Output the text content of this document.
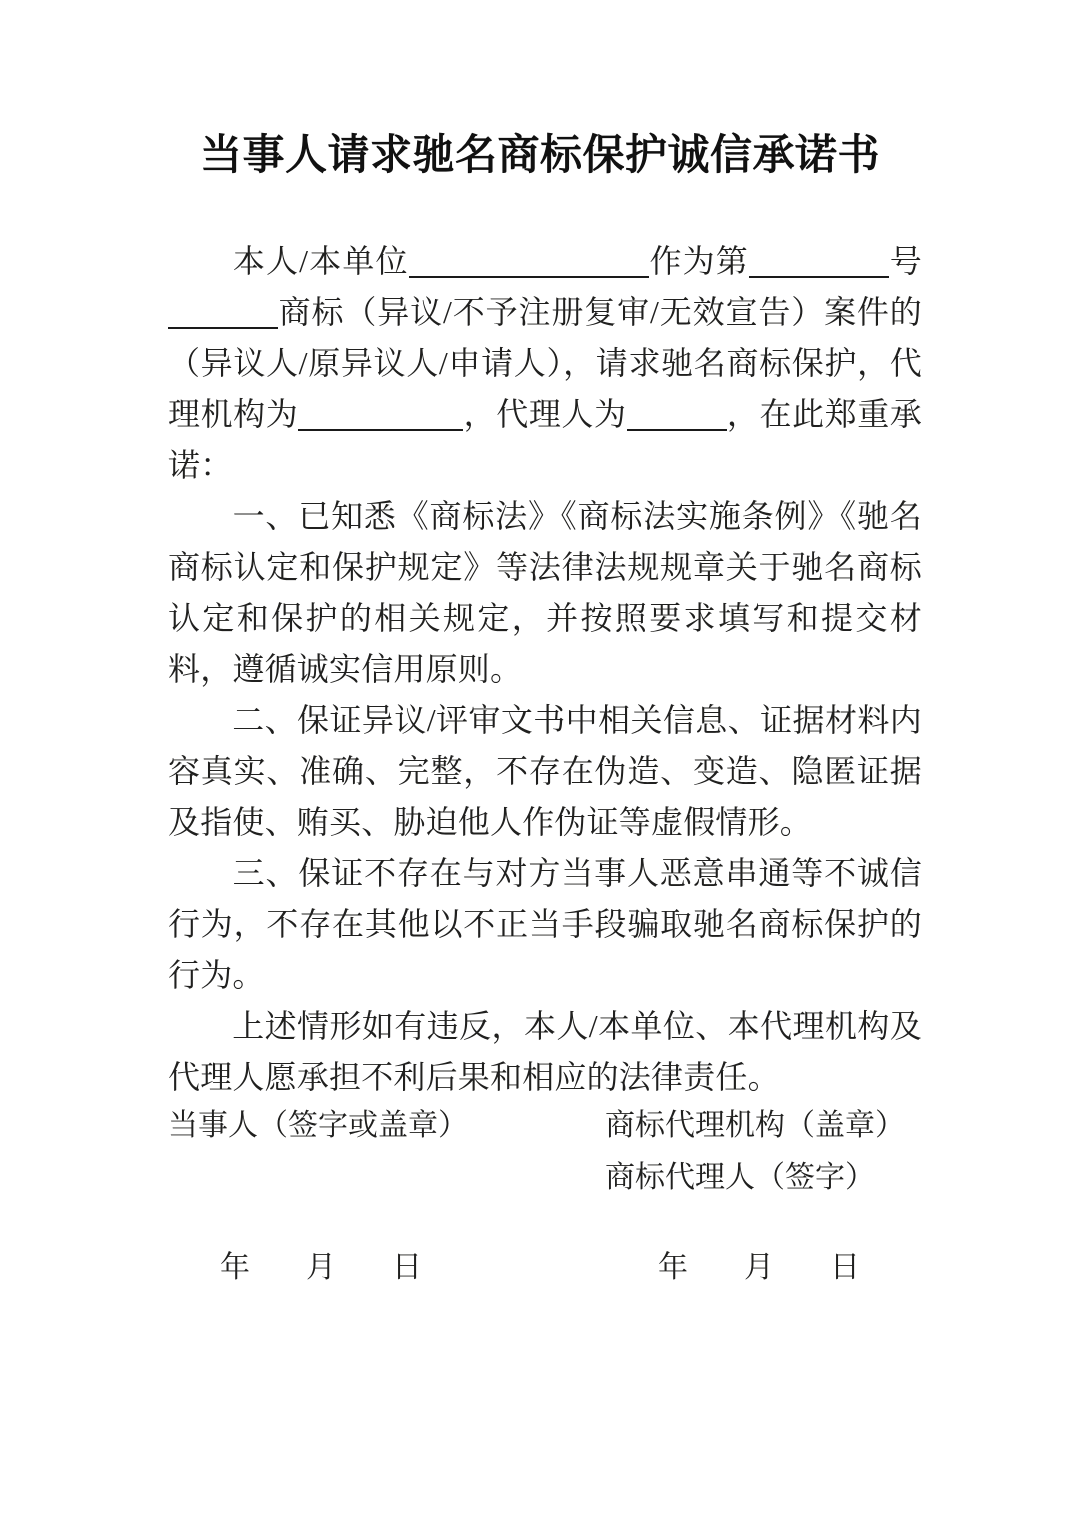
当事人请求驰名商标保护诚信承诺书

本人/本单位	作为第	号商标（异议/不予注册复审/无效宣告）案件的（异议人/原异议人/申请人），请求驰名商标保护，代理机构为	，代理人为	，在此郑重承诺：

一、已知悉《商标法》《商标法实施条例》《驰名商标认定和保护规定》等法律法规规章关于驰名商标认定和保护的相关规定，并按照要求填写和提交材料，遵循诚实信用原则。

二、保证异议/评审文书中相关信息、证据材料内容真实、准确、完整，不存在伪造、变造、隐匿证据及指使、贿买、胁迫他人作伪证等虚假情形。

三、保证不存在与对方当事人恶意串通等不诚信行为，不存在其他以不正当手段骗取驰名商标保护的行为。

上述情形如有违反，本人/本单位、本代理机构及代理人愿承担不利后果和相应的法律责任。

当事人（签字或盖章）	商标代理机构（盖章）
商标代理人（签字）
年 月 日	年 月 日
